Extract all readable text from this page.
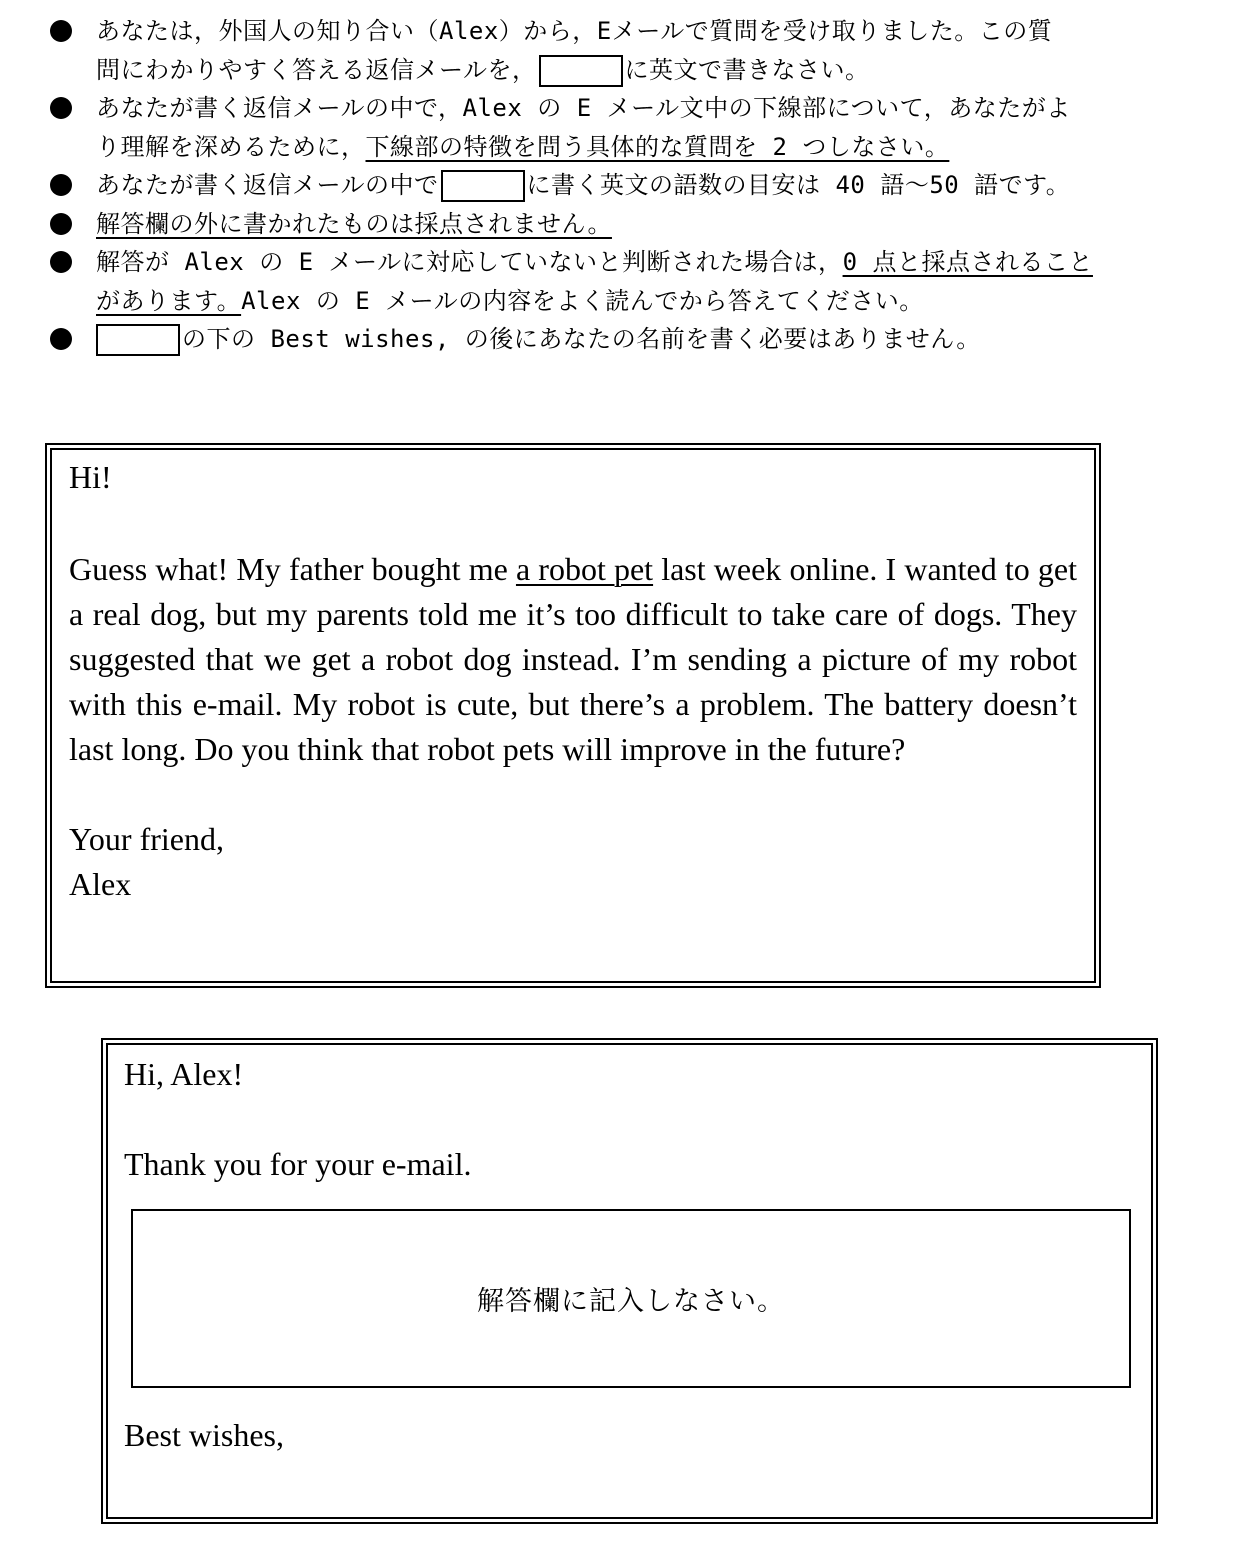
あなたは，外国人の知り合い（Alex）から，Eメールで質問を受け取りました。この質
問にわかりやすく答える返信メールを，	に英文で書きなさい。
あなたが書く返信メールの中で，Alex の E メール文中の下線部について，あなたがよ
り理解を深めるために，下線部の特徴を問う具体的な質問を 2 つしなさい。
あなたが書く返信メールの中で	に書く英文の語数の目安は 40 語～50 語です。
解答欄の外に書かれたものは採点されません。
解答が Alex の E メールに対応していないと判断された場合は，0 点と採点されること
があります。Alex の E メールの内容をよく読んでから答えてください。
の下の Best wishes, の後にあなたの名前を書く必要はありません。

Hi!

Guess what! My father bought me a robot pet last week online. I wanted to get a real dog, but my parents told me it’s too difficult to take care of dogs. They suggested that we get a robot dog instead. I’m sending a picture of my robot with this e-mail. My robot is cute, but there’s a problem. The battery doesn’t last long. Do you think that robot pets will improve in the future?

Your friend,

Alex

Hi, Alex!

Thank you for your e-mail.

解答欄に記入しなさい。

Best wishes,
